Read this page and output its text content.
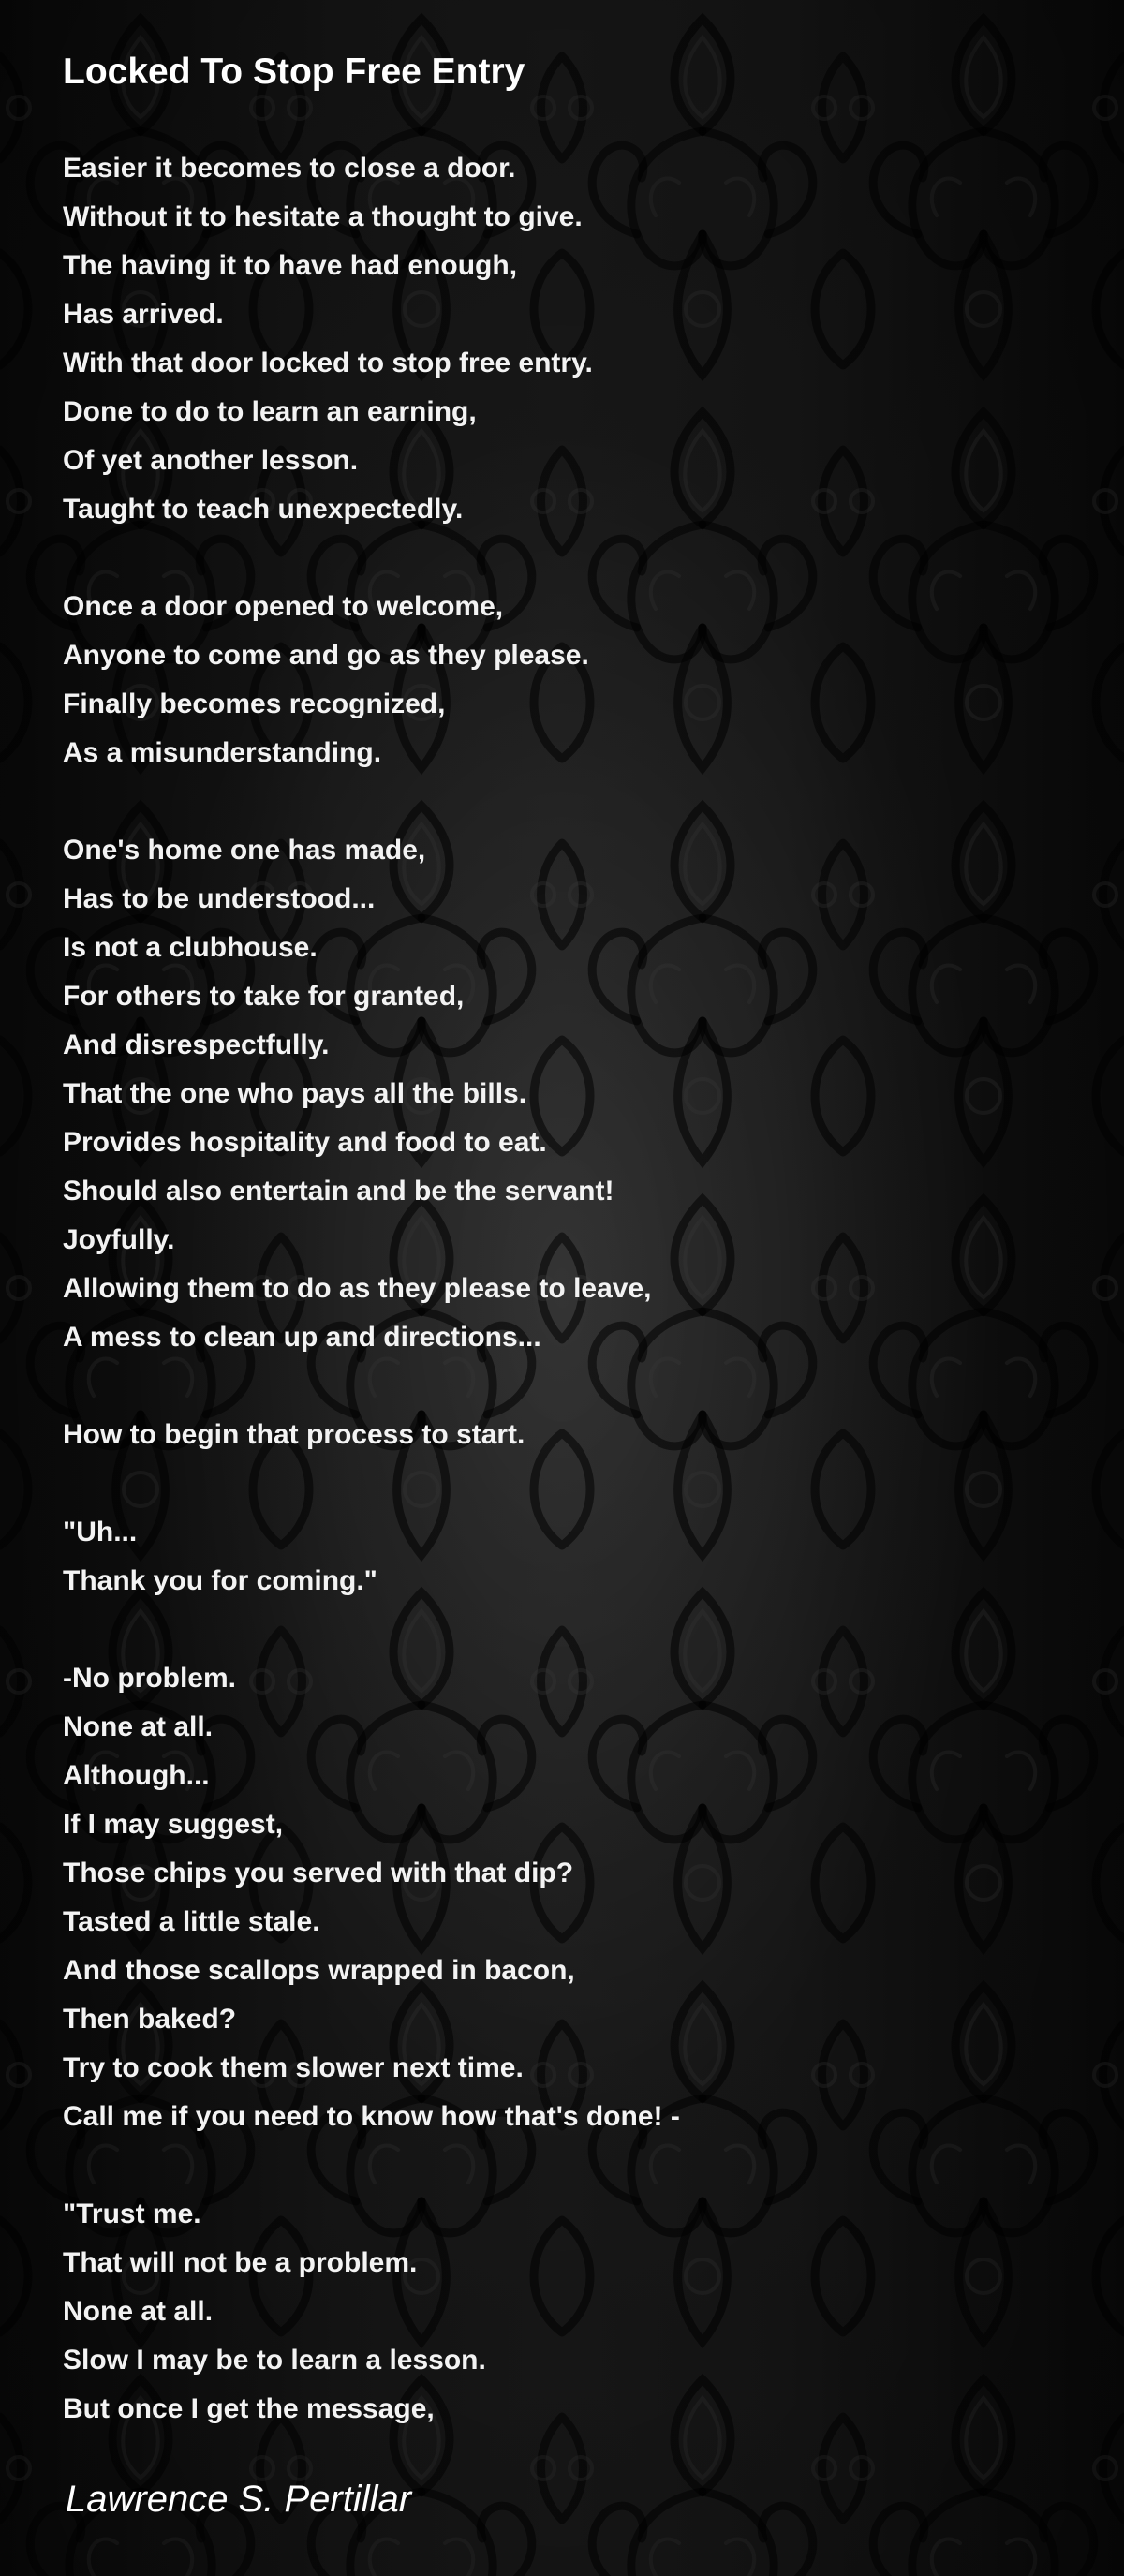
Locked To Stop Free Entry
Easier it becomes to close a door.
Without it to hesitate a thought to give.
The having it to have had enough,
Has arrived.
With that door locked to stop free entry.
Done to do to learn an earning,
Of yet another lesson.
Taught to teach unexpectedly.
Once a door opened to welcome,
Anyone to come and go as they please.
Finally becomes recognized,
As a misunderstanding.
One's home one has made,
Has to be understood...
Is not a clubhouse.
For others to take for granted,
And disrespectfully.
That the one who pays all the bills.
Provides hospitality and food to eat.
Should also entertain and be the servant!
Joyfully.
Allowing them to do as they please to leave,
A mess to clean up and directions...
How to begin that process to start.
"Uh...
Thank you for coming."
-No problem.
None at all.
Although...
If I may suggest,
Those chips you served with that dip?
Tasted a little stale.
And those scallops wrapped in bacon,
Then baked?
Try to cook them slower next time.
Call me if you need to know how that's done! -
"Trust me.
That will not be a problem.
None at all.
Slow I may be to learn a lesson.
But once I get the message,
Lawrence S. Pertillar
